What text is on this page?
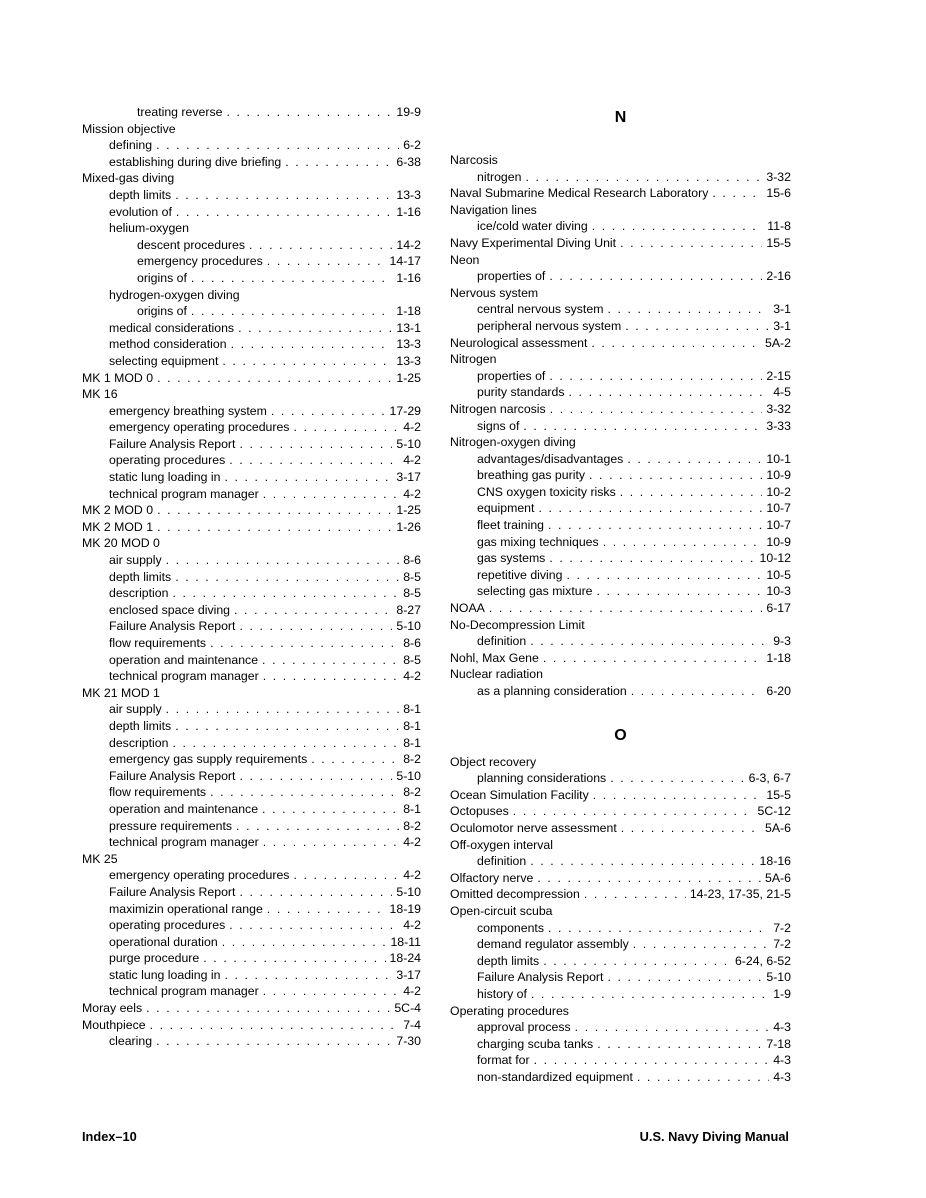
treating reverse . . .	19-9
Mission objective
defining . . .	6-2
establishing during dive briefing . . .	6-38
Mixed-gas diving
depth limits . . .	13-3
evolution of . . .	1-16
helium-oxygen
descent procedures . . .	14-2
emergency procedures . . .	14-17
origins of . . .	1-16
hydrogen-oxygen diving
origins of . . .	1-18
medical considerations . . .	13-1
method consideration . . .	13-3
selecting equipment . . .	13-3
MK 1 MOD 0 . . .	1-25
MK 16
emergency breathing system . . .	17-29
emergency operating procedures . . .	4-2
Failure Analysis Report . . .	5-10
operating procedures . . .	4-2
static lung loading in . . .	3-17
technical program manager . . .	4-2
MK 2 MOD 0 . . .	1-25
MK 2 MOD 1 . . .	1-26
MK 20 MOD 0
air supply . . .	8-6
depth limits . . .	8-5
description . . .	8-5
enclosed space diving . . .	8-27
Failure Analysis Report . . .	5-10
flow requirements . . .	8-6
operation and maintenance . . .	8-5
technical program manager . . .	4-2
MK 21 MOD 1
air supply . . .	8-1
depth limits . . .	8-1
description . . .	8-1
emergency gas supply requirements . . .	8-2
Failure Analysis Report . . .	5-10
flow requirements . . .	8-2
operation and maintenance . . .	8-1
pressure requirements . . .	8-2
technical program manager . . .	4-2
MK 25
emergency operating procedures . . .	4-2
Failure Analysis Report . . .	5-10
maximizin operational range . . .	18-19
operating procedures . . .	4-2
operational duration . . .	18-11
purge procedure . . .	18-24
static lung loading in . . .	3-17
technical program manager . . .	4-2
Moray eels . . .	5C-4
Mouthpiece . . .	7-4
clearing . . .	7-30
N
Narcosis
nitrogen . . .	3-32
Naval Submarine Medical Research Laboratory . . .	15-6
Navigation lines
ice/cold water diving . . .	11-8
Navy Experimental Diving Unit . . .	15-5
Neon
properties of . . .	2-16
Nervous system
central nervous system . . .	3-1
peripheral nervous system . . .	3-1
Neurological assessment . . .	5A-2
Nitrogen
properties of . . .	2-15
purity standards . . .	4-5
Nitrogen narcosis . . .	3-32
signs of . . .	3-33
Nitrogen-oxygen diving
advantages/disadvantages . . .	10-1
breathing gas purity . . .	10-9
CNS oxygen toxicity risks . . .	10-2
equipment . . .	10-7
fleet training . . .	10-7
gas mixing techniques . . .	10-9
gas systems . . .	10-12
repetitive diving . . .	10-5
selecting gas mixture . . .	10-3
NOAA . . .	6-17
No-Decompression Limit
definition . . .	9-3
Nohl, Max Gene . . .	1-18
Nuclear radiation
as a planning consideration . . .	6-20
O
Object recovery
planning considerations . . .	6-3, 6-7
Ocean Simulation Facility . . .	15-5
Octopuses . . .	5C-12
Oculomotor nerve assessment . . .	5A-6
Off-oxygen interval
definition . . .	18-16
Olfactory nerve . . .	5A-6
Omitted decompression . . .	14-23, 17-35, 21-5
Open-circuit scuba
components . . .	7-2
demand regulator assembly . . .	7-2
depth limits . . .	6-24, 6-52
Failure Analysis Report . . .	5-10
history of . . .	1-9
Operating procedures
approval process . . .	4-3
charging scuba tanks . . .	7-18
format for . . .	4-3
non-standardized equipment . . .	4-3
Index–10	U.S. Navy Diving Manual
